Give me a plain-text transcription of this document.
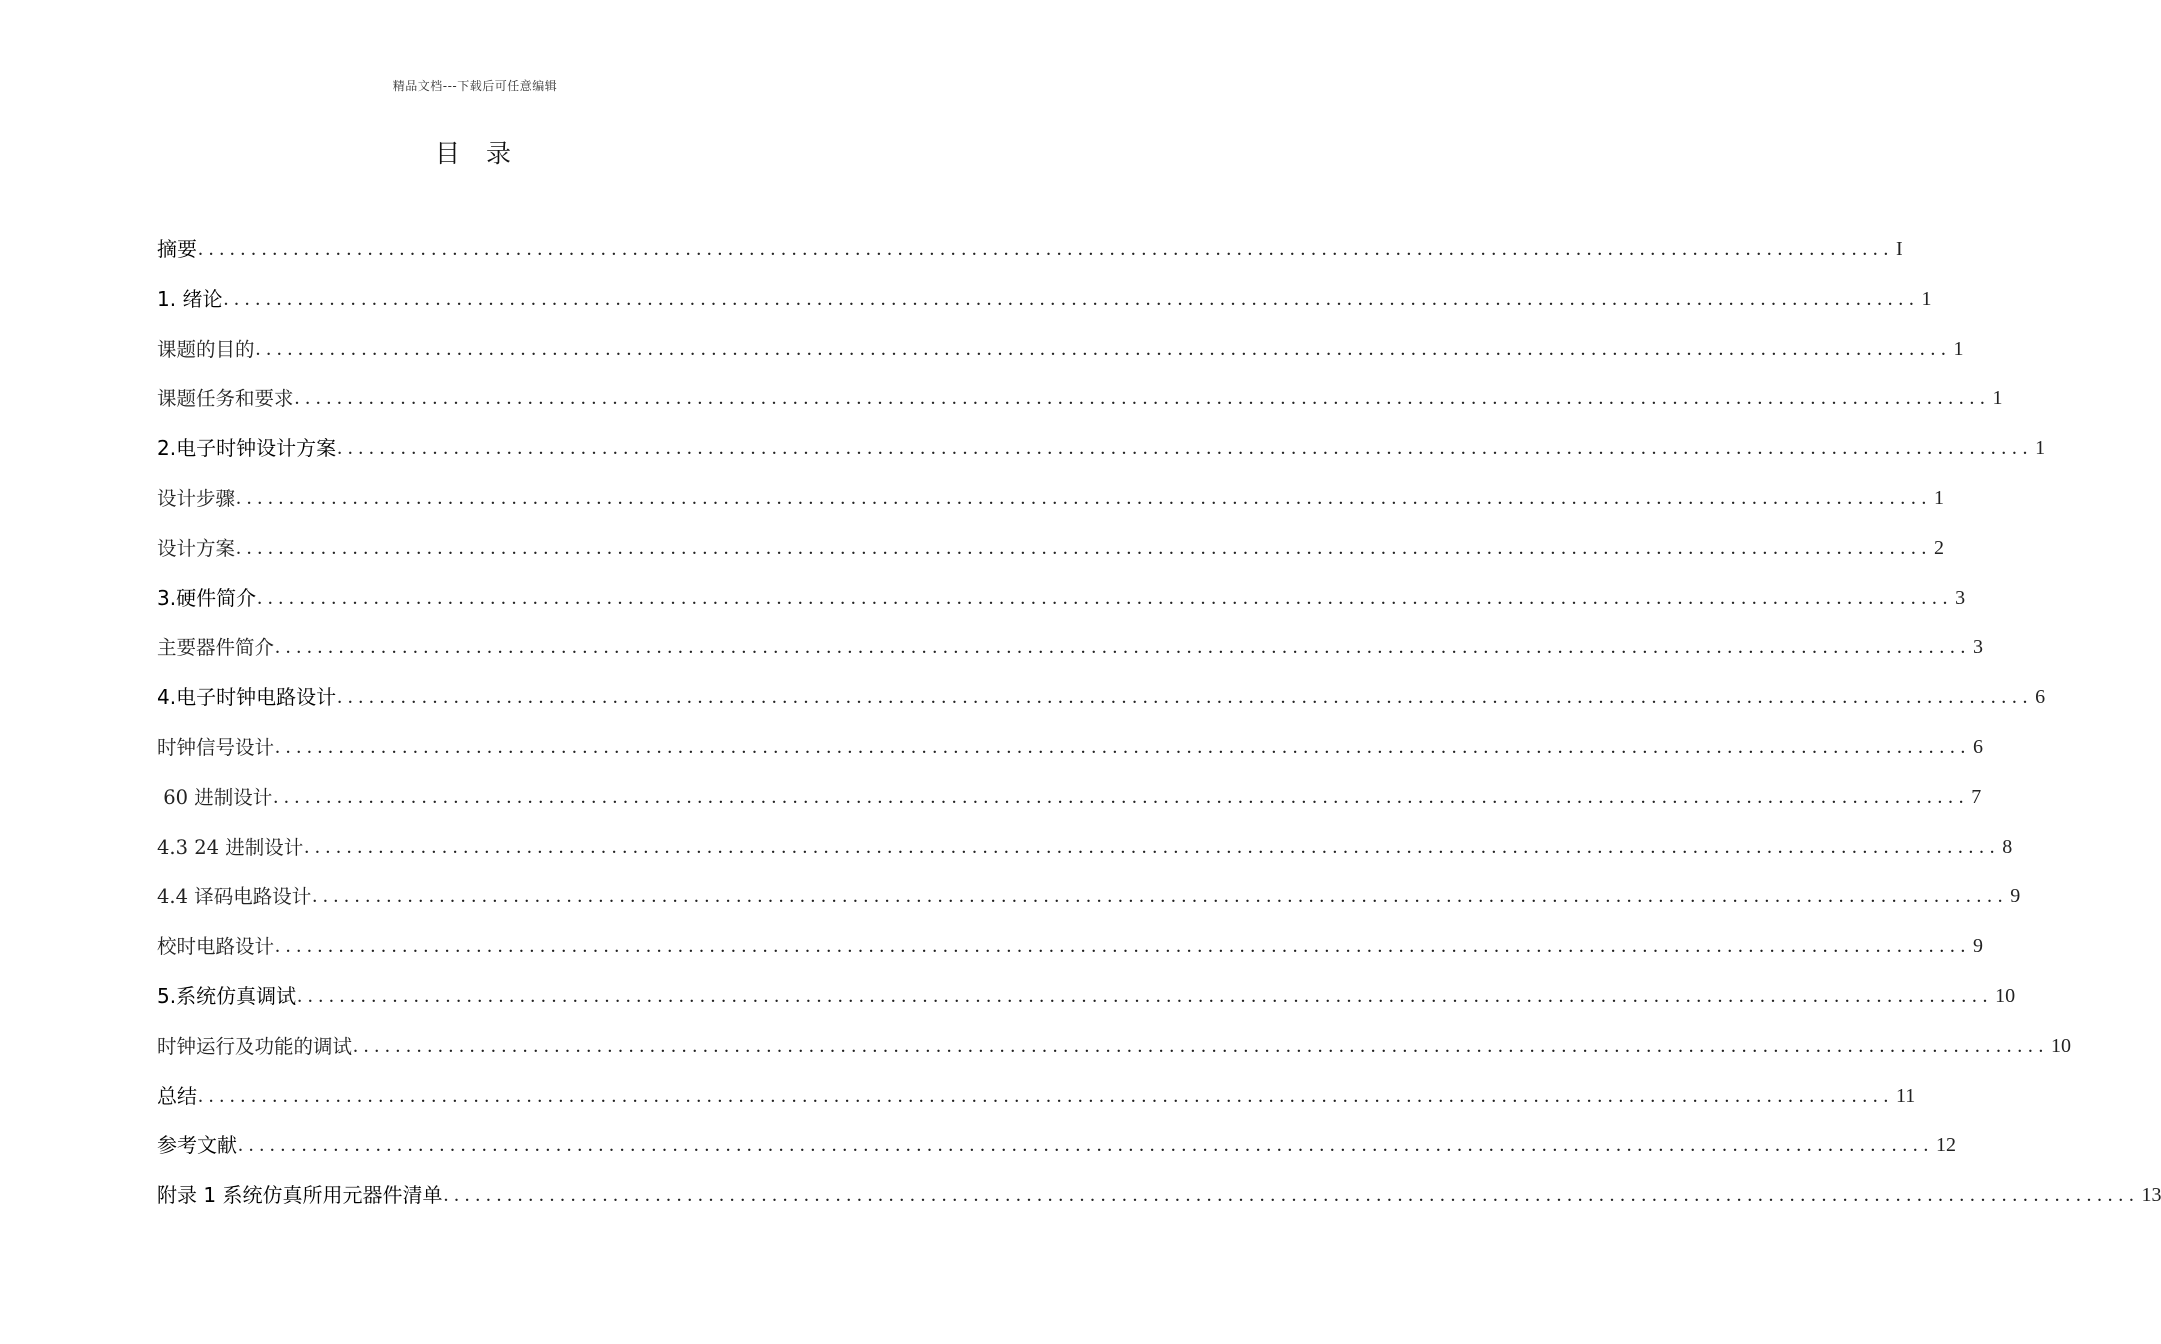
精品文档---下载后可任意编辑
目录
摘要 ................................................................................................................................................................ I
1. 绪论 ................................................................................................................................................................ 1
课题的目的 ................................................................................................................................................................ 1
课题任务和要求 ................................................................................................................................................................ 1
2.电子时钟设计方案 ................................................................................................................................................................ 1
设计步骤 ................................................................................................................................................................ 1
设计方案 ................................................................................................................................................................ 2
3.硬件简介 ................................................................................................................................................................ 3
主要器件简介 ................................................................................................................................................................ 3
4.电子时钟电路设计 ................................................................................................................................................................ 6
时钟信号设计 ................................................................................................................................................................ 6
60 进制设计 ................................................................................................................................................................ 7
4.3 24 进制设计 ................................................................................................................................................................ 8
4.4 译码电路设计 ................................................................................................................................................................ 9
校时电路设计 ................................................................................................................................................................ 9
5.系统仿真调试 ................................................................................................................................................................ 10
时钟运行及功能的调试 ................................................................................................................................................................ 10
总结 ................................................................................................................................................................ 11
参考文献 ................................................................................................................................................................ 12
附录 1 系统仿真所用元器件清单 ................................................................................................................................................................ 13
